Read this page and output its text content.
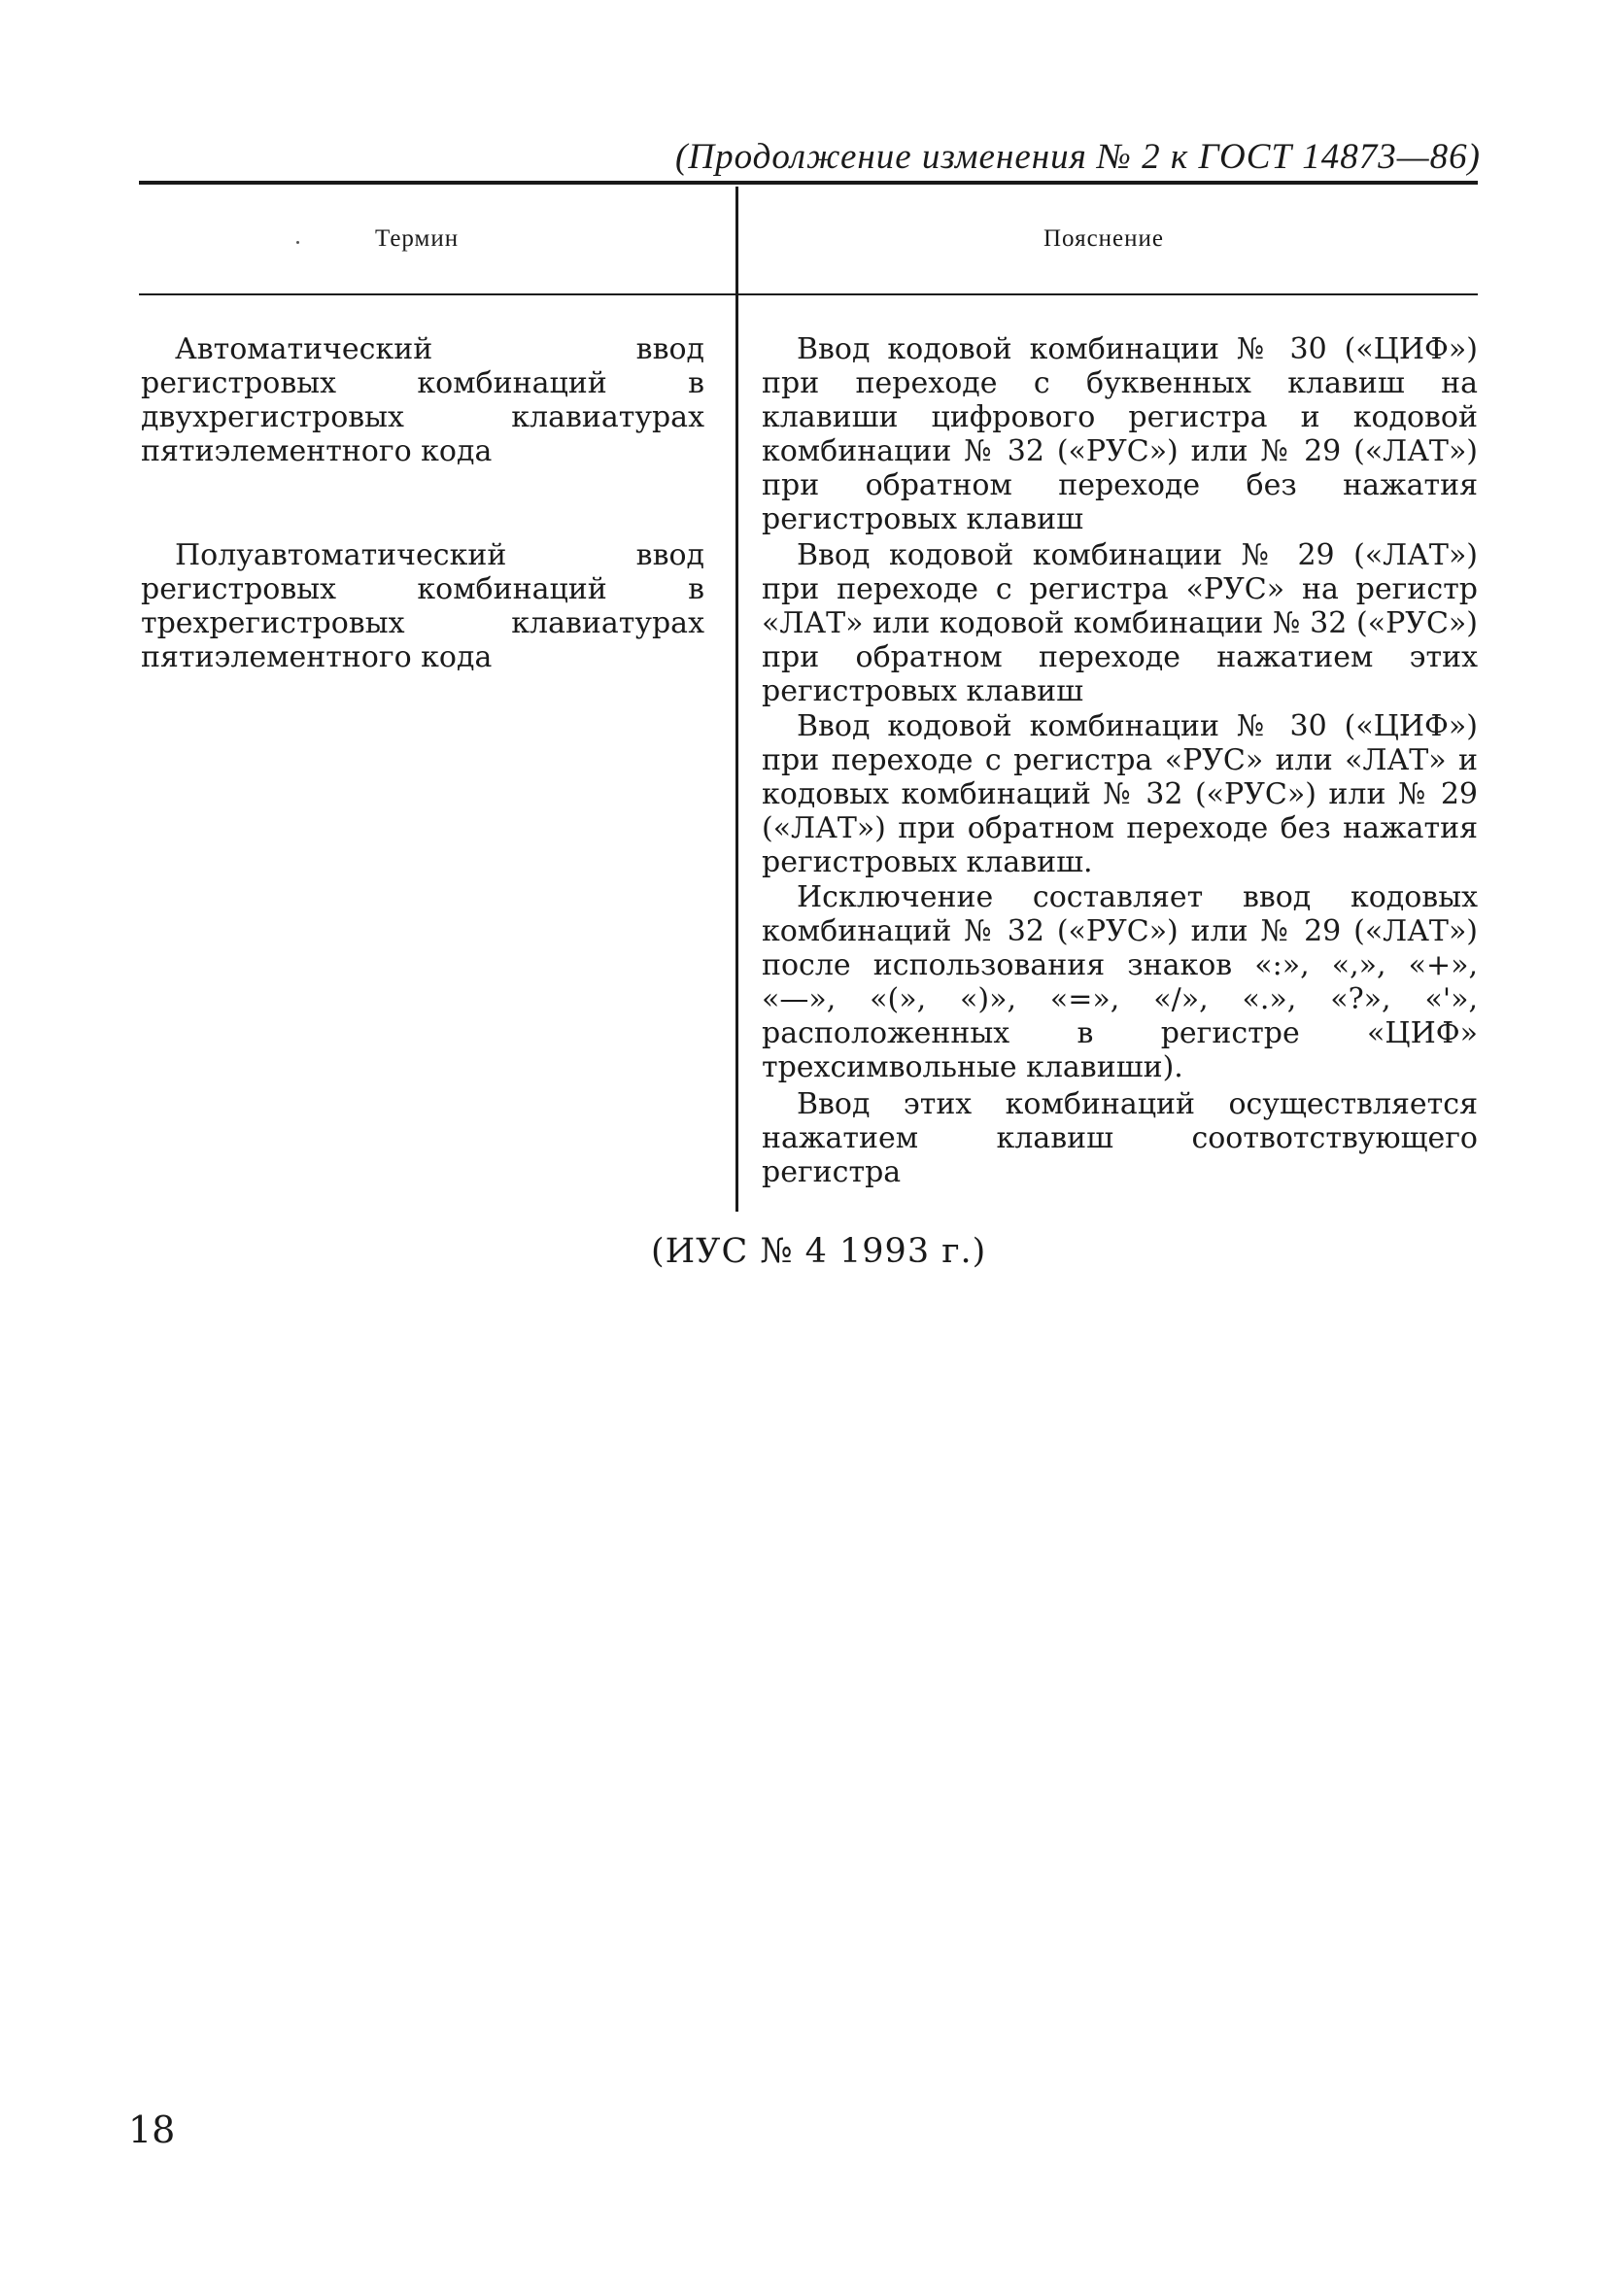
(Продолжение изменения № 2 к ГОСТ 14873—86)
Термин	Пояснение
Автоматический ввод регистровых комбинаций в двухрегистровых клавиатурах пятиэлементного кода
Полуавтоматический ввод регистровых комбинаций в трехрегистровых клавиатурах пятиэлементного кода

Ввод кодовой комбинации № 30 («ЦИФ») при переходе с буквенных клавиш на клавиши цифрового регистра и кодовой комбинации № 32 («РУС») или № 29 («ЛАТ») при обратном переходе без нажатия регистровых клавиш

Ввод кодовой комбинации № 29 («ЛАТ») при переходе с регистра «РУС» на регистр «ЛАТ» или кодовой комбинации № 32 («РУС») при обратном переходе нажатием этих регистровых клавиш

Ввод кодовой комбинации № 30 («ЦИФ») при переходе с регистра «РУС» или «ЛАТ» и кодовых комбинаций № 32 («РУС») или № 29 («ЛАТ») при обратном переходе без нажатия регистровых клавиш.

Исключение составляет ввод кодовых комбинаций № 32 («РУС») или № 29 («ЛАТ») после использования знаков «:», «,», «+», «—», «(», «)», «=», «/», «.», «?», «'», расположенных в регистре «ЦИФ» трехсимвольные клавиши).

Ввод этих комбинаций осуществляется нажатием клавиш соотвотствующего регистра

(ИУС № 4 1993 г.)
18
